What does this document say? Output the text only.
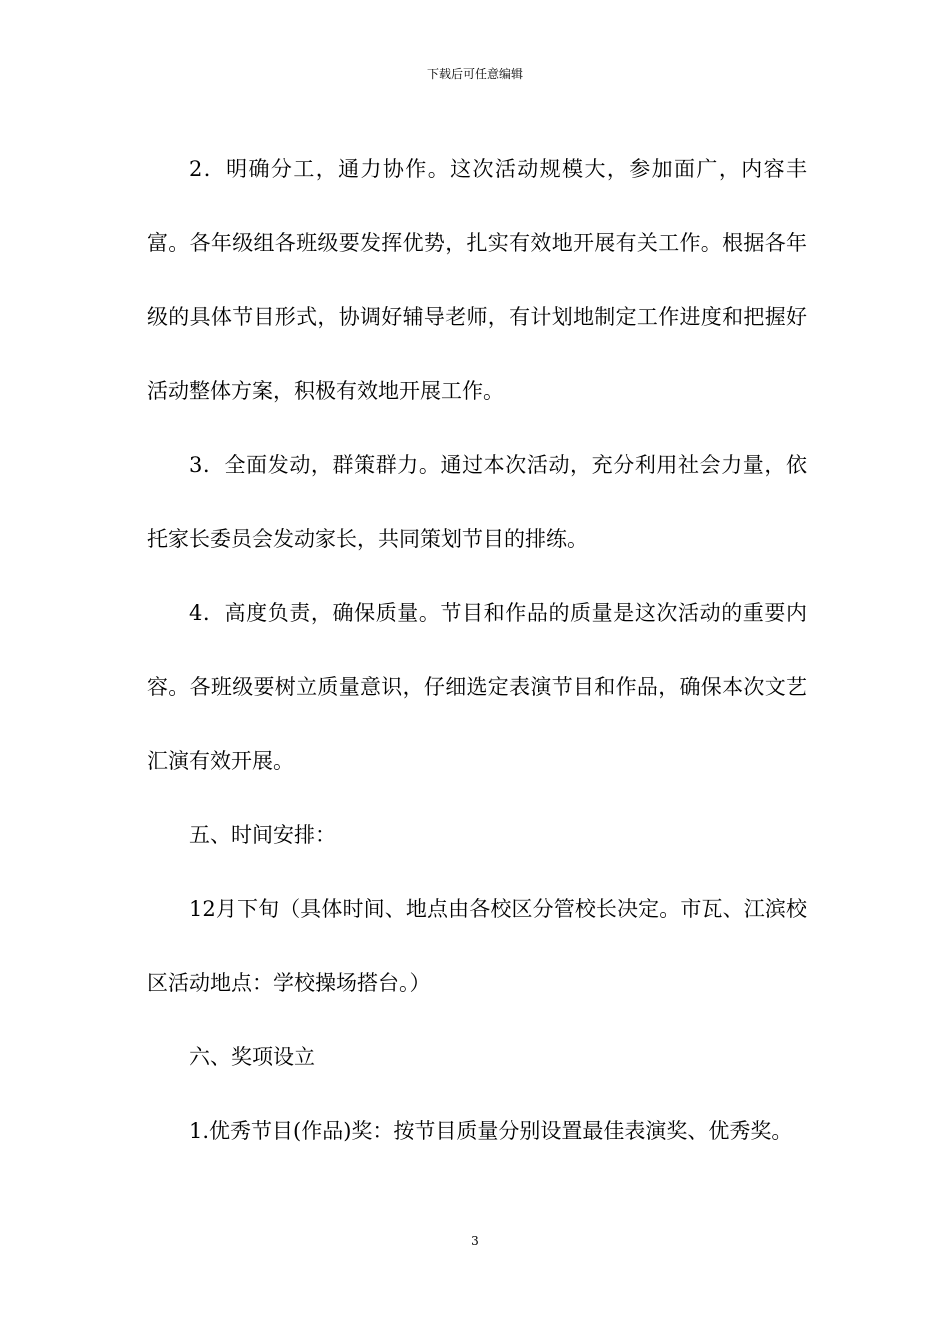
下载后可任意编辑

2．明确分工，通力协作。这次活动规模大，参加面广，内容丰富。各年级组各班级要发挥优势，扎实有效地开展有关工作。根据各年级的具体节目形式，协调好辅导老师，有计划地制定工作进度和把握好活动整体方案，积极有效地开展工作。

3．全面发动，群策群力。通过本次活动，充分利用社会力量，依托家长委员会发动家长，共同策划节目的排练。

4．高度负责，确保质量。节目和作品的质量是这次活动的重要内容。各班级要树立质量意识，仔细选定表演节目和作品，确保本次文艺汇演有效开展。

五、时间安排：

12月下旬（具体时间、地点由各校区分管校长决定。市瓦、江滨校区活动地点：学校操场搭台。）

六、奖项设立

1.优秀节目(作品)奖：按节目质量分别设置最佳表演奖、优秀奖。

3
